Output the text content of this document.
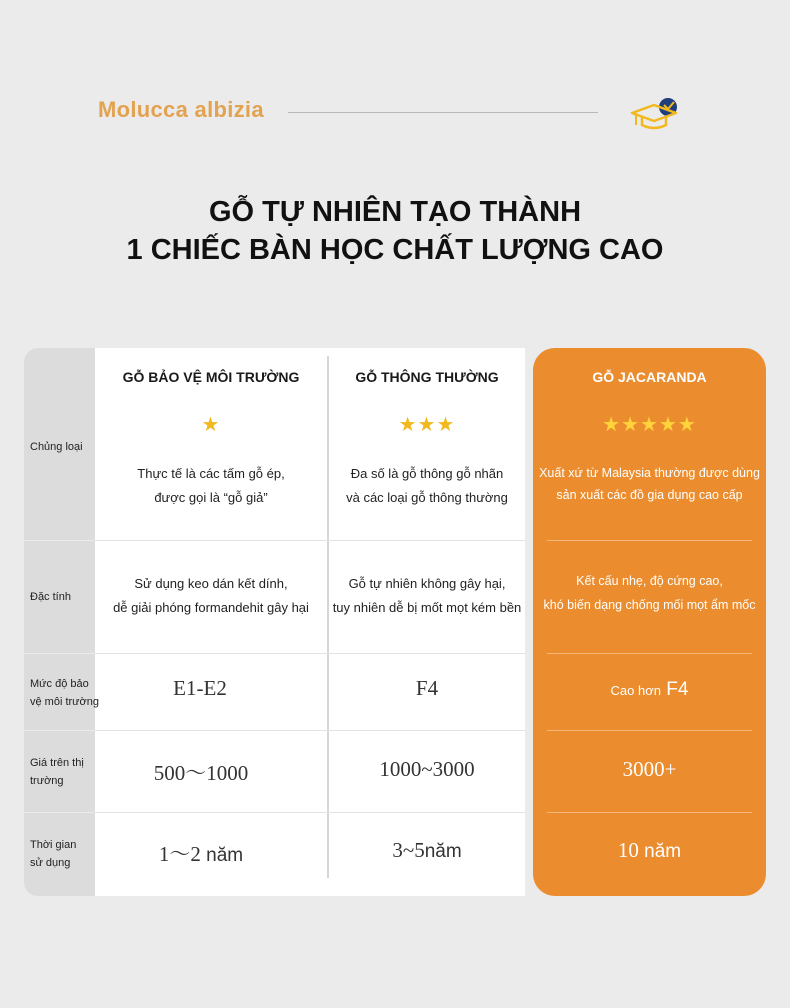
Molucca albizia
GỖ TỰ NHIÊN TẠO THÀNH
1 CHIẾC BÀN HỌC CHẤT LƯỢNG CAO
Chủng loại
Đặc tính
Mức độ bảo
vệ môi trường
Giá trên thị
trường
Thời gian
sử dụng
GỖ BẢO VỆ MÔI TRƯỜNG
★
Thực tế là các tấm gỗ ép,
được gọi là “gỗ giả”
Sử dụng keo dán kết dính,
dễ giải phóng formandehit gây hại
E1-E2
500～1000
1～2 năm
GỖ THÔNG THƯỜNG
★★★
Đa số là gỗ thông gỗ nhãn
và các loại gỗ thông thường
Gỗ tự nhiên không gây hại,
tuy nhiên dễ bị mốt mọt kém bền
F4
1000~3000
3~5năm
GỖ JACARANDA
★★★★★
Xuất xứ từ Malaysia thường được dùng
sản xuất các đồ gia dụng cao cấp
Kết cấu nhẹ, độ cứng cao,
khó biến dạng chống mối mọt ẩm mốc
Cao hơn F4
3000+
10 năm
